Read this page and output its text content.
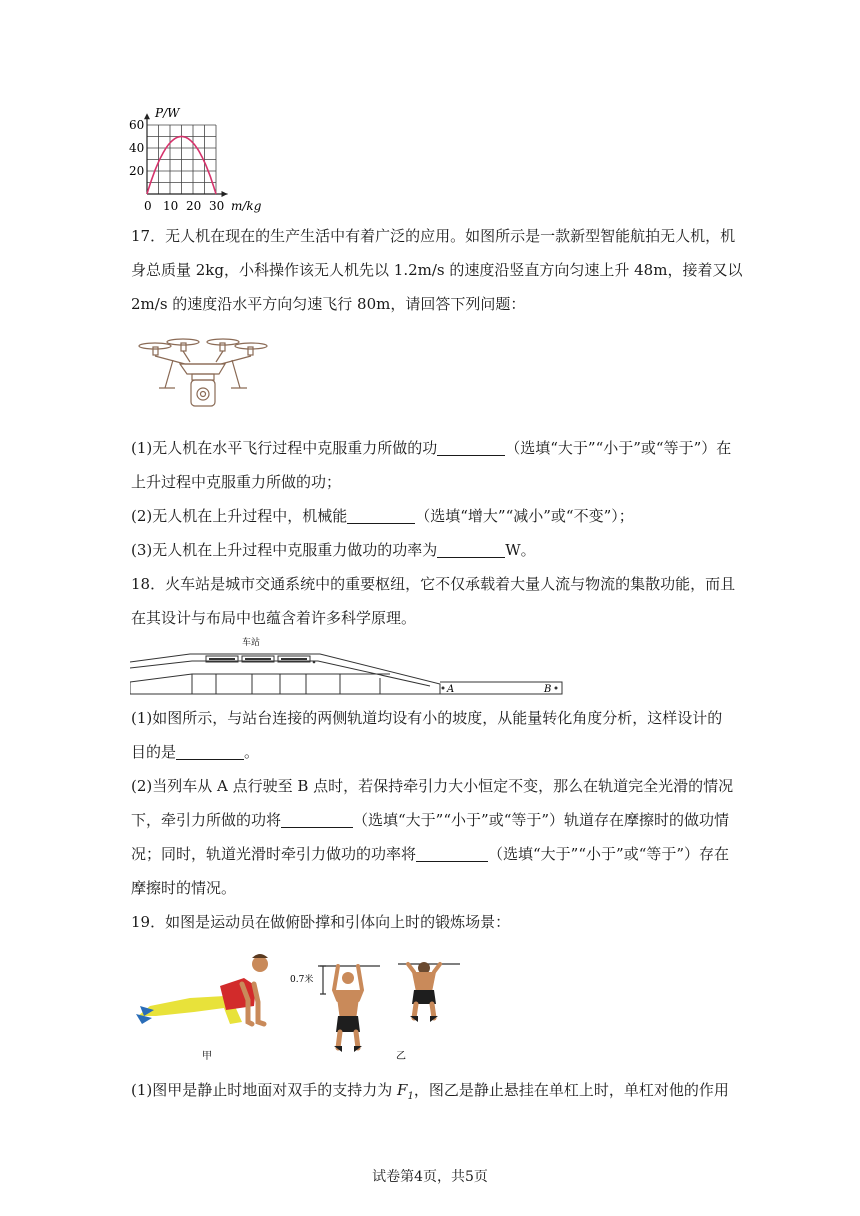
P/W
m/kg
60
40
20
0 10 20 30
17．无人机在现在的生产生活中有着广泛的应用。如图所示是一款新型智能航拍无人机，机
身总质量 2kg，小科操作该无人机先以 1.2m/s 的速度沿竖直方向匀速上升 48m，接着又以
2m/s 的速度沿水平方向匀速飞行 80m，请回答下列问题：
(1)无人机在水平飞行过程中克服重力所做的功	（选填“大于”“小于”或“等于”）在
上升过程中克服重力所做的功；
(2)无人机在上升过程中，机械能	（选填“增大”“减小”或“不变”）；
(3)无人机在上升过程中克服重力做功的功率为	W。
18．火车站是城市交通系统中的重要枢纽，它不仅承载着大量人流与物流的集散功能，而且
在其设计与布局中也蕴含着许多科学原理。
车站
A	B
(1)如图所示，与站台连接的两侧轨道均设有小的坡度，从能量转化角度分析，这样设计的
目的是	。
(2)当列车从 A 点行驶至 B 点时，若保持牵引力大小恒定不变，那么在轨道完全光滑的情况
下，牵引力所做的功将	（选填“大于”“小于”或“等于”）轨道存在摩擦时的做功情
况；同时，轨道光滑时牵引力做功的功率将	（选填“大于”“小于”或“等于”）存在
摩擦时的情况。
19．如图是运动员在做俯卧撑和引体向上时的锻炼场景：
0.7米
甲	乙
(1)图甲是静止时地面对双手的支持力为 $F_1$，图乙是静止悬挂在单杠上时，单杠对他的作用
试卷第4页，共5页
